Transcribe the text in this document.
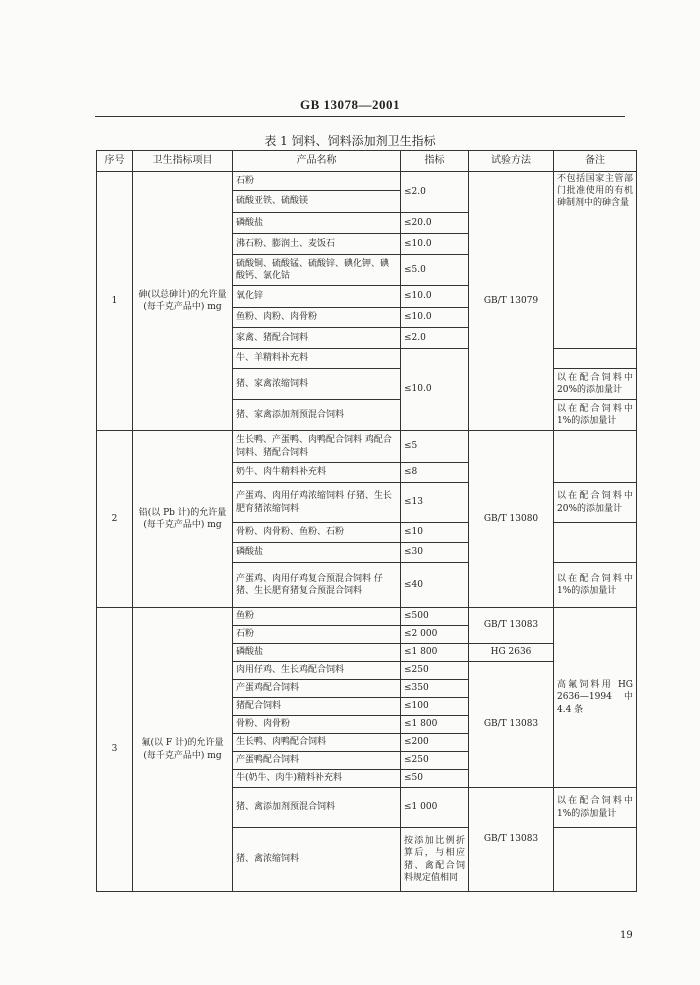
GB 13078—2001
表 1 饲料、饲料添加剂卫生指标
序号	卫生指标项目	产品名称	指标	试验方法	备注
1	砷(以总砷计)的允许量(每千克产品中) mg	石粉	≤2.0	GB/T 13079	不包括国家主管部门批准使用的有机砷制剂中的砷含量
		硫酸亚铁、硫酸镁			
		磷酸盐	≤20.0		
		沸石粉、膨润土、麦饭石	≤10.0		
		硫酸铜、硫酸锰、硫酸锌、碘化钾、碘酸钙、氯化钴	≤5.0		
		氧化锌	≤10.0		
		鱼粉、肉粉、肉骨粉	≤10.0		
		家禽、猪配合饲料	≤2.0		
		牛、羊精料补充料	≤10.0		
		猪、家禽浓缩饲料			以在配合饲料中20%的添加量计
		猪、家禽添加剂预混合饲料			以在配合饲料中1%的添加量计
2	铅(以 Pb 计)的允许量(每千克产品中) mg	生长鸭、产蛋鸭、肉鸭配合饲料 鸡配合饲料、猪配合饲料	≤5	GB/T 13080	
		奶牛、肉牛精料补充料	≤8		
		产蛋鸡、肉用仔鸡浓缩饲料 仔猪、生长肥育猪浓缩饲料	≤13		以在配合饲料中20%的添加量计
		骨粉、肉骨粉、鱼粉、石粉	≤10		
		磷酸盐	≤30		
		产蛋鸡、肉用仔鸡复合预混合饲料 仔猪、生长肥育猪复合预混合饲料	≤40		以在配合饲料中1%的添加量计
3	氟(以 F 计)的允许量(每千克产品中) mg	鱼粉	≤500	GB/T 13083	高氟饲料用 HG 2636—1994 中 4.4 条
		石粉	≤2 000		
		磷酸盐	≤1 800	HG 2636	
		肉用仔鸡、生长鸡配合饲料	≤250	GB/T 13083	
		产蛋鸡配合饲料	≤350		
		猪配合饲料	≤100		
		骨粉、肉骨粉	≤1 800		
		生长鸭、肉鸭配合饲料	≤200		
		产蛋鸭配合饲料	≤250		
		牛(奶牛、肉牛)精料补充料	≤50		
		猪、禽添加剂预混合饲料	≤1 000	GB/T 13083	以在配合饲料中1%的添加量计
		猪、禽浓缩饲料	按添加比例折算后，与相应猪、禽配合饲料规定值相同		
19
